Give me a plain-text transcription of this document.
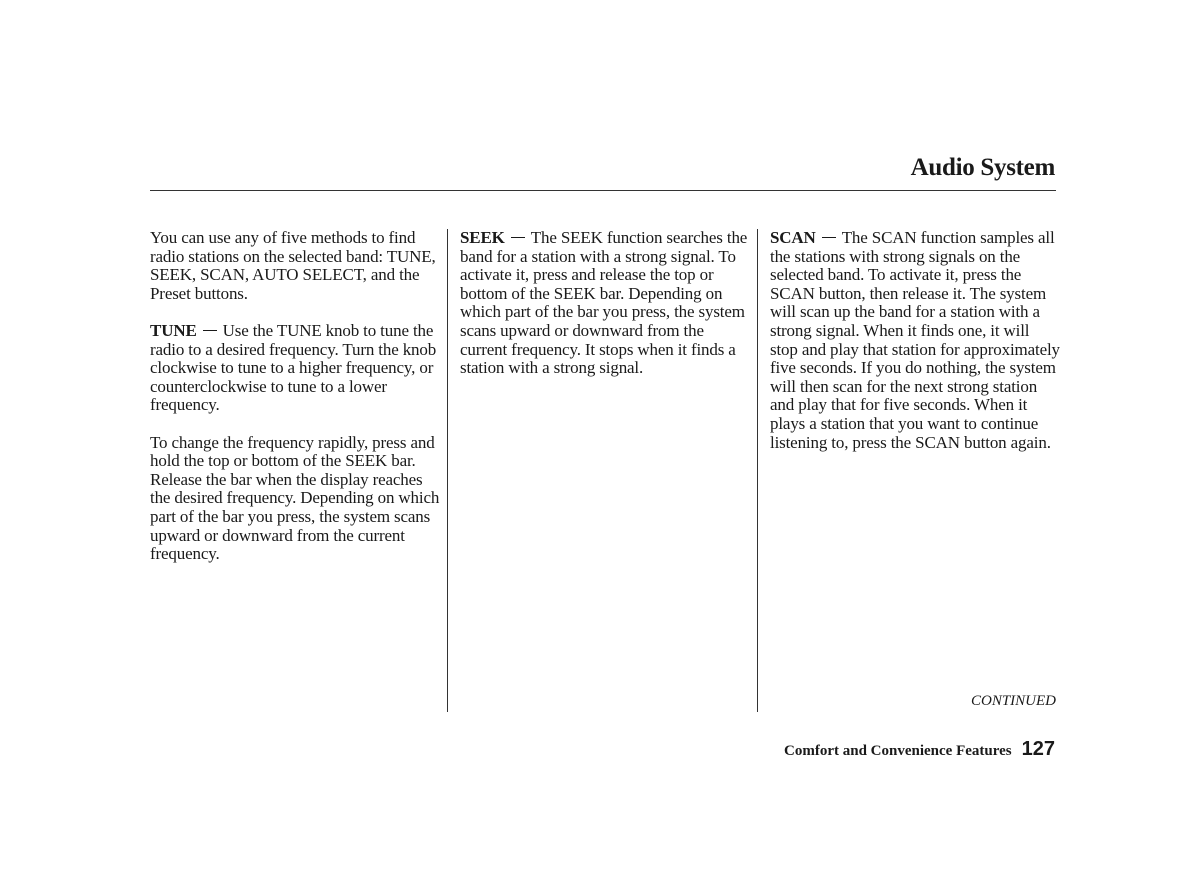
Audio System

You can use any of five methods to find radio stations on the selected band: TUNE, SEEK, SCAN, AUTO SELECT, and the Preset buttons.

TUNE Use the TUNE knob to tune the radio to a desired frequency. Turn the knob clockwise to tune to a higher frequency, or counterclockwise to tune to a lower frequency.

To change the frequency rapidly, press and hold the top or bottom of the SEEK bar. Release the bar when the display reaches the desired frequency. Depending on which part of the bar you press, the system scans upward or downward from the current frequency.

SEEK The SEEK function searches the band for a station with a strong signal. To activate it, press and release the top or bottom of the SEEK bar. Depending on which part of the bar you press, the system scans upward or downward from the current frequency. It stops when it finds a station with a strong signal.

SCAN The SCAN function samples all the stations with strong signals on the selected band. To activate it, press the SCAN button, then release it. The system will scan up the band for a station with a strong signal. When it finds one, it will stop and play that station for approximately five seconds. If you do nothing, the system will then scan for the next strong station and play that for five seconds. When it plays a station that you want to continue listening to, press the SCAN button again.

CONTINUED
Comfort and Convenience Features 127
